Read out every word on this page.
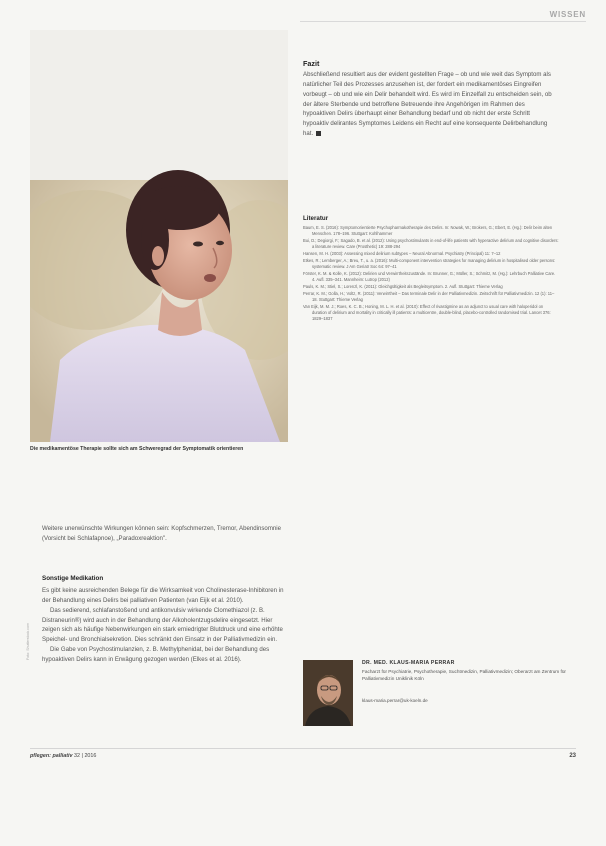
WISSEN
Die medikamentöse Therapie sollte sich am Schweregrad der Symptomatik orientieren
Fazit
Abschließend resultiert aus der evident gestellten Frage – ob und wie weit das Symptom als natürlicher Teil des Prozesses anzusehen ist, der fordert ein medikamentöses Eingreifen vorbeugt – ob und wie ein Delir behandelt wird. Es wird im Einzelfall zu entscheiden sein, ob der ältere Sterbende und betroffene Betreuende ihre Angehörigen im Rahmen des hypoaktiven Delirs überhaupt einer Behandlung bedarf und ob nicht der erste Schritt hypoaktiv delirantes Symptomes Leidens ein Recht auf eine konsequente Delirbehandlung hat.
Literatur
Baum, E. S. (2016): Symptomorientierte Psychopharmakotherapie des Delirs. In: Nowak, W.; Brokers, G.; Ebert, E. (Hg.): Delir beim alten Menschen. 178–196. Stuttgart: Kohlhammer
Bui, D.; Degiorgi, F.; Sagado, B. et al. (2012): Using psychostimulants in end-of-life patients with hyperactive delirium and cognitive disorders: a literature review. Care (Prosthetic) 19: 288-294
Hansen, M. H. (2003): Assessing mixed delirium subtypes – Neural Abnormal. Psychiatry (Principal) 11: 7–12
Etkes, R.; Lemberger, A.; Breu, T., u. a. (2016): Multi-component intervention strategies for managing delirium in hospitalised older persons: systematic review. J Am Geriatr Soc 64: 97–41
Förster, K. M. & Kolle, K. (2012): Delirien und Verwirrtheitszustände. In: Brunner, G.; Müller, S.; Schmitz, M. (Hg.): Lehrbuch Palliative Care. 4. Aufl. 335–341. Mannheim: Lutrop (2012)
Pauls, K. M.; Stiel, S.; Lorenzl, K. (2011): Gleichgültigkeit als Begleitsymptom. 2. Aufl. Stuttgart: Thieme Verlag
Perrar, K. M.; Golla, H.; Voltz, R. (2011): Verwirrtheit – Das terminale Delir in der Palliativmedizin. Zeitschrift für Palliativmedizin. 12 (1): 11–18. Stuttgart: Thieme Verlag
Van Eijk, M. M. J.; Roes, K. C. B.; Honing, M. L. H. et al. (2010): Effect of rivastigmine as an adjunct to usual care with haloperidol on duration of delirium and mortality in critically ill patients: a multicentre, double-blind, placebo-controlled randomised trial. Lancet 376: 1829–1837

Weitere unerwünschte Wirkungen können sein: Kopfschmerzen, Tremor, Abendinsomnie (Vorsicht bei Schlafapnoe), „Paradoxreaktion".

Sonstige Medikation

Es gibt keine ausreichenden Belege für die Wirksamkeit von Cholinesterase-Inhibitoren in der Behandlung eines Delirs bei palliativen Patienten (van Eijk et al. 2010).

Das sedierend, schlafanstoßend und antikonvulsiv wirkende Clomethiazol (z. B. Distraneurin®) wird auch in der Behandlung der Alkoholentzugsdelire eingesetzt. Hier zeigen sich als häufige Nebenwirkungen ein stark erniedrigter Blutdruck und eine erhöhte Speichel- und Bronchialsekretion. Dies schränkt den Einsatz in der Palliativmedizin ein.

Die Gabe von Psychostimulanzien, z. B. Methylphenidat, bei der Behandlung des hypoaktiven Delirs kann in Erwägung gezogen werden (Elkes et al. 2016).

Foto: Shutterstock.com
DR. MED. KLAUS-MARIA PERRAR
Facharzt für Psychiatrie, Psychotherapie, Suchtmedizin, Palliativmedizin; Oberarzt am Zentrum für Palliativmedizin Uniklinik Köln
klaus-maria.perrar@uk-koeln.de
pflegen: palliativ 32 | 2016	23
